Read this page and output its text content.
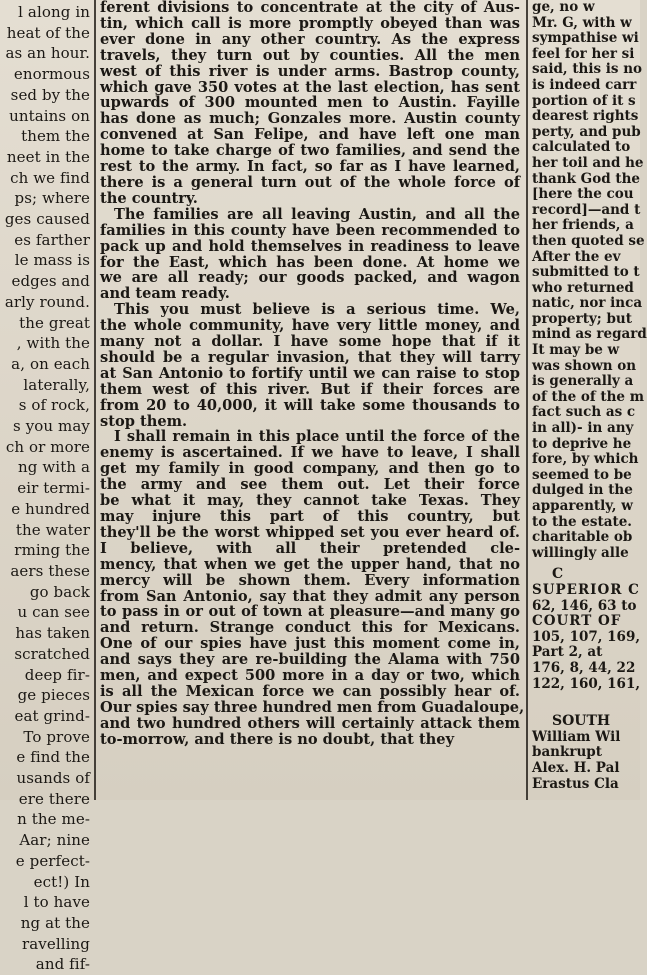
l along in
heat of the
as an hour.
enormous
sed by the
untains on
them the
neet in the
ch we find
ps; where
ges caused
es farther
le mass is
edges and
arly round.
the great
, with the
a, on each
laterally,
s of rock,
s you may
ch or more
ng with a
eir termi-
e hundred
the water
rming the
aers these
go back
u can see
has taken
scratched
deep fir-
ge pieces
eat grind-
To prove
e find the
usands of
ere there
n the me-
Aar; nine
e perfect-
ect!) In
l to have
ng at the
ravelling
and fif-

ferent divisions to concentrate at the city of Aus-
tin, which call is more promptly obeyed than was
ever done in any other country. As the express
travels, they turn out by counties. All the men
west of this river is under arms. Bastrop county,
which gave 350 votes at the last election, has sent
upwards of 300 mounted men to Austin. Fayille
has done as much; Gonzales more. Austin county
convened at San Felipe, and have left one man
home to take charge of two families, and send the
rest to the army. In fact, so far as I have learned,
there is a general turn out of the whole force of
the country.

The families are all leaving Austin, and all the
families in this county have been recommended to
pack up and hold themselves in readiness to leave
for the East, which has been done. At home we
we are all ready; our goods packed, and wagon
and team ready.

This you must believe is a serious time. We,
the whole community, have very little money, and
many not a dollar. I have some hope that if it
should be a regular invasion, that they will tarry
at San Antonio to fortify until we can raise to stop
them west of this river. But if their forces are
from 20 to 40,000, it will take some thousands to
stop them.

I shall remain in this place until the force of the
enemy is ascertained. If we have to leave, I shall
get my family in good company, and then go to
the army and see them out. Let their force
be what it may, they cannot take Texas. They
may injure this part of this country, but
they'll be the worst whipped set you ever heard of.
I believe, with all their pretended cle-
mency, that when we get the upper hand, that no
mercy will be shown them. Every information
from San Antonio, say that they admit any person
to pass in or out of town at pleasure—and many go
and return. Strange conduct this for Mexicans.
One of our spies have just this moment come in,
and says they are re-building the Alama with 750
men, and expect 500 more in a day or two, which
is all the Mexican force we can possibly hear of.
Our spies say three hundred men from Guadaloupe,
and two hundred others will certainly attack them
to-morrow, and there is no doubt, that they

ge, no w
Mr. G, with w
sympathise wi
feel for her si
said, this is no
is indeed carr
portion of it s
dearest rights
perty, and pub
calculated to
her toil and he
thank God the
[here the cou
record]—and t
her friends, a
then quoted se
After the ev
submitted to t
who returned
natic, nor inca
property; but
mind as regard
It may be w
was shown on
is generally a
of the of the m
fact such as c
in all)- in any
to deprive he
fore, by which
seemed to be
dulged in the
apparently, w
to the estate.
charitable ob
willingly alle
C
SUPERIOR C
62, 146, 63 to
COURT OF
105, 107, 169,
Part 2, at
176, 8, 44, 22
122, 160, 161,
SOUTH
William Wil
bankrupt
Alex. H. Pal
Erastus Cla
